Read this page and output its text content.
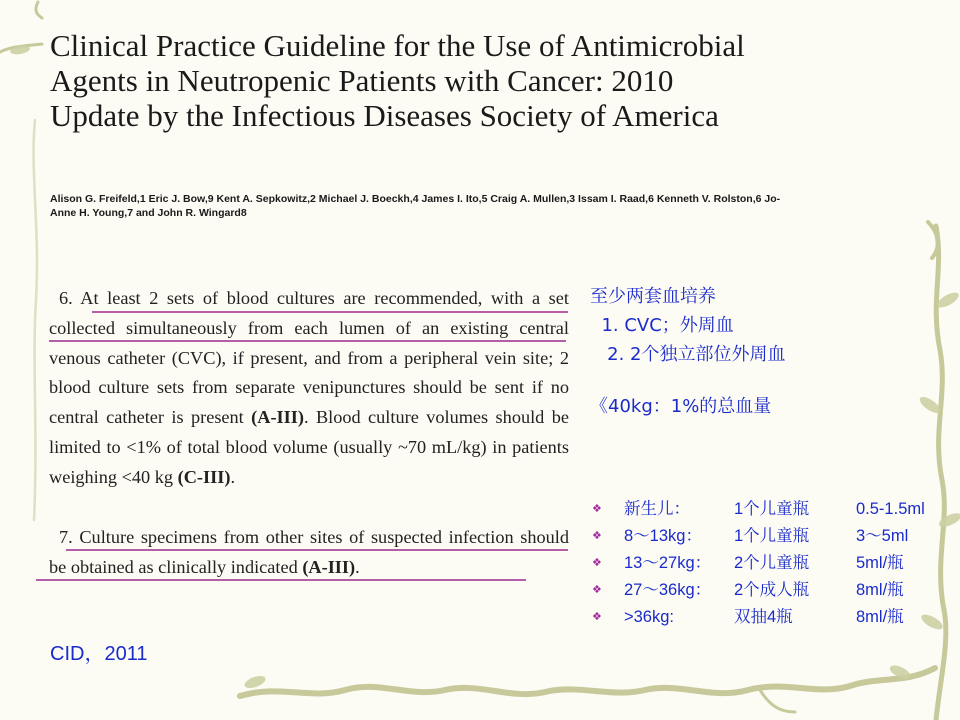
Clinical Practice Guideline for the Use of Antimicrobial Agents in Neutropenic Patients with Cancer: 2010 Update by the Infectious Diseases Society of America

Alison G. Freifeld,1 Eric J. Bow,9 Kent A. Sepkowitz,2 Michael J. Boeckh,4 James I. Ito,5 Craig A. Mullen,3 Issam I. Raad,6 Kenneth V. Rolston,6 Jo-Anne H. Young,7 and John R. Wingard8

6. At least 2 sets of blood cultures are recommended, with a set collected simultaneously from each lumen of an existing central venous catheter (CVC), if present, and from a peripheral vein site; 2 blood culture sets from separate venipunctures should be sent if no central catheter is present (A-III). Blood culture volumes should be limited to <1% of total blood volume (usually ~70 mL/kg) in patients weighing <40 kg (C-III).

7. Culture specimens from other sites of suspected infection should be obtained as clinically indicated (A-III).

至少两套血培养
1. CVC；外周血
2. 2个独立部位外周血
《40kg：1%的总血量
❖	新生儿：	1个儿童瓶	0.5-1.5ml
❖	8～13kg：	1个儿童瓶	3～5ml
❖	13～27kg：	2个儿童瓶	5ml/瓶
❖	27～36kg：	2个成人瓶	8ml/瓶
❖	>36kg:	双抽4瓶	8ml/瓶

CID，2011
